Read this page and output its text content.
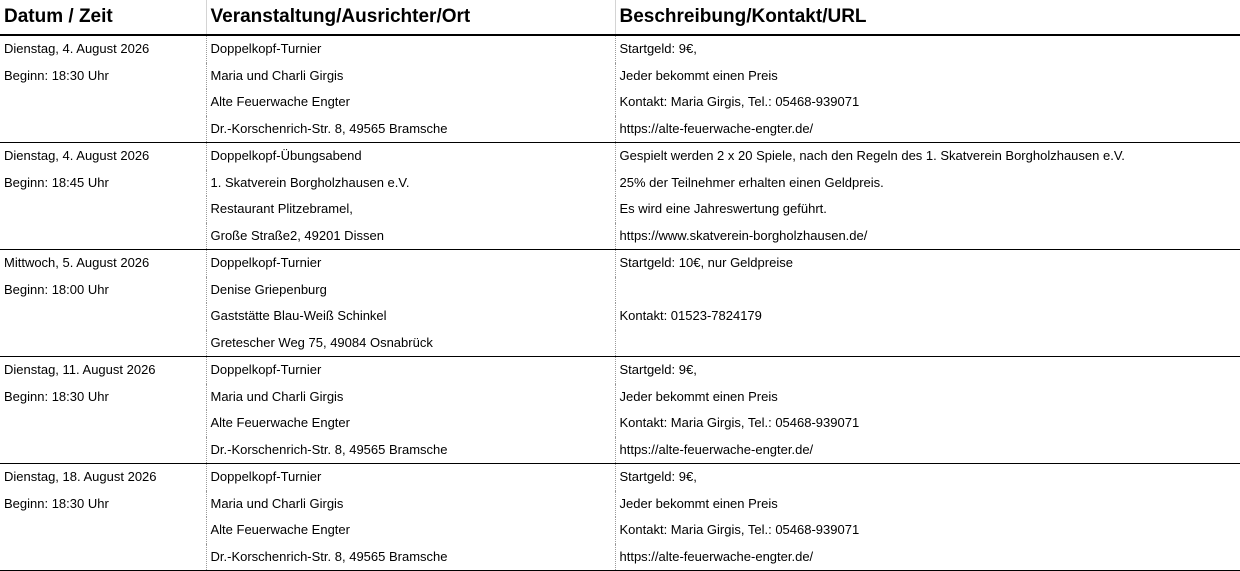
Datum / Zeit	Veranstaltung/Ausrichter/Ort	Beschreibung/Kontakt/URL
Dienstag, 4. August 2026	Doppelkopf-Turnier	Startgeld: 9€,
Beginn: 18:30 Uhr	Maria und Charli Girgis	Jeder bekommt einen Preis
	Alte Feuerwache Engter	Kontakt: Maria Girgis, Tel.: 05468-939071
	Dr.-Korschenrich-Str. 8, 49565 Bramsche	https://alte-feuerwache-engter.de/
Dienstag, 4. August 2026	Doppelkopf-Übungsabend	Gespielt werden 2 x 20 Spiele, nach den Regeln des 1. Skatverein Borgholzhausen e.V.
Beginn: 18:45 Uhr	1. Skatverein Borgholzhausen e.V.	25% der Teilnehmer erhalten einen Geldpreis.
	Restaurant Plitzebramel,	Es wird eine Jahreswertung geführt.
	Große Straße2, 49201 Dissen	https://www.skatverein-borgholzhausen.de/
Mittwoch, 5. August 2026	Doppelkopf-Turnier	Startgeld: 10€, nur Geldpreise
Beginn: 18:00 Uhr	Denise Griepenburg	
	Gaststätte Blau-Weiß Schinkel	Kontakt: 01523-7824179
	Gretescher Weg 75, 49084 Osnabrück	
Dienstag, 11. August 2026	Doppelkopf-Turnier	Startgeld: 9€,
Beginn: 18:30 Uhr	Maria und Charli Girgis	Jeder bekommt einen Preis
	Alte Feuerwache Engter	Kontakt: Maria Girgis, Tel.: 05468-939071
	Dr.-Korschenrich-Str. 8, 49565 Bramsche	https://alte-feuerwache-engter.de/
Dienstag, 18. August 2026	Doppelkopf-Turnier	Startgeld: 9€,
Beginn: 18:30 Uhr	Maria und Charli Girgis	Jeder bekommt einen Preis
	Alte Feuerwache Engter	Kontakt: Maria Girgis, Tel.: 05468-939071
	Dr.-Korschenrich-Str. 8, 49565 Bramsche	https://alte-feuerwache-engter.de/
